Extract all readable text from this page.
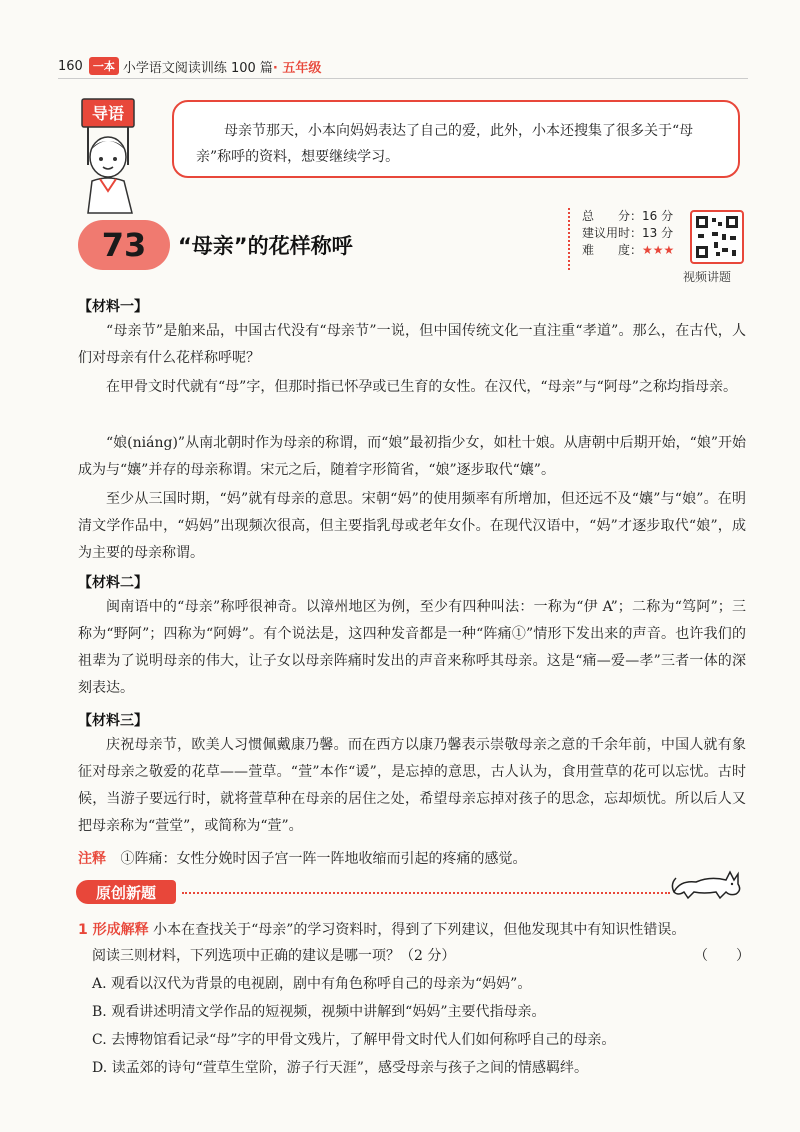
160 一本 小学语文阅读训练 100 篇 · 五年级
导语
母亲节那天，小本向妈妈表达了自己的爱，此外，小本还搜集了很多关于“母亲”称呼的资料，想要继续学习。
73 “母亲”的花样称呼
总　　分：16 分
建议用时：13 分
难　　度：★★★
视频讲题
【材料一】

“母亲节”是舶来品，中国古代没有“母亲节”一说，但中国传统文化一直注重“孝道”。那么，在古代，人们对母亲有什么花样称呼呢？

在甲骨文时代就有“母”字，但那时指已怀孕或已生育的女性。在汉代，“母亲”与“阿母”之称均指母亲。

“娘(niáng)”从南北朝时作为母亲的称谓，而“娘”最初指少女，如杜十娘。从唐朝中后期开始，“娘”开始成为与“孃”并存的母亲称谓。宋元之后，随着字形简省，“娘”逐步取代“孃”。

至少从三国时期，“妈”就有母亲的意思。宋朝“妈”的使用频率有所增加，但还远不及“孃”与“娘”。在明清文学作品中，“妈妈”出现频次很高，但主要指乳母或老年女仆。在现代汉语中，“妈”才逐步取代“娘”，成为主要的母亲称谓。

【材料二】

闽南语中的“母亲”称呼很神奇。以漳州地区为例，至少有四种叫法：一称为“伊 A”；二称为“笃阿”；三称为“野阿”；四称为“阿姆”。有个说法是，这四种发音都是一种“阵痛①”情形下发出来的声音。也许我们的祖辈为了说明母亲的伟大，让子女以母亲阵痛时发出的声音来称呼其母亲。这是“痛—爱—孝”三者一体的深刻表达。

【材料三】

庆祝母亲节，欧美人习惯佩戴康乃馨。而在西方以康乃馨表示崇敬母亲之意的千余年前，中国人就有象征对母亲之敬爱的花草——萱草。“萱”本作“谖”，是忘掉的意思，古人认为，食用萱草的花可以忘忧。古时候，当游子要远行时，就将萱草种在母亲的居住之处，希望母亲忘掉对孩子的思念，忘却烦忧。所以后人又把母亲称为“萱堂”，或简称为“萱”。

注释 ①阵痛：女性分娩时因子宫一阵一阵地收缩而引起的疼痛的感觉。
原创新题
1 形成解释 小本在查找关于“母亲”的学习资料时，得到了下列建议，但他发现其中有知识性错误。
阅读三则材料，下列选项中正确的建议是哪一项？（2 分）	（　　）
A. 观看以汉代为背景的电视剧，剧中有角色称呼自己的母亲为“妈妈”。
B. 观看讲述明清文学作品的短视频，视频中讲解到“妈妈”主要代指母亲。
C. 去博物馆看记录“母”字的甲骨文残片，了解甲骨文时代人们如何称呼自己的母亲。
D. 读孟郊的诗句“萱草生堂阶，游子行天涯”，感受母亲与孩子之间的情感羁绊。
